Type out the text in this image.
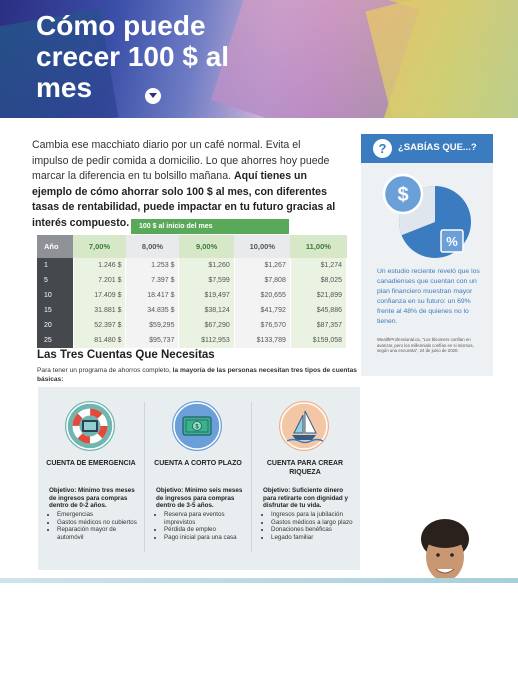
Cómo puede crecer 100 $ al mes

Cambia ese macchiato diario por un café normal. Evita el impulso de pedir comida a domicilio. Lo que ahorres hoy puede marcar la diferencia en tu bolsillo mañana. Aquí tienes un ejemplo de cómo ahorrar solo 100 $ al mes, con diferentes tasas de rentabilidad, puede impactar en tu futuro gracias al interés compuesto.	100 $ al inicio del mes
Año	7,00%	8,00%	9,00%	10,00%	11,00%
1	1.246 $	1.253 $	$1,260	$1,267	$1,274
5	7.201 $	7.397 $	$7,599	$7,808	$8,025
10	17.409 $	18.417 $	$19,497	$20,655	$21,899
15	31.881 $	34.835 $	$38,124	$41,792	$45,886
20	52.397 $	$59,295	$67,290	$76,570	$87,357
25	81.480 $	$95,737	$112,953	$133,789	$159,058
Las Tres Cuentas Que Necesitas

Para tener un programa de ahorros completo, la mayoría de las personas necesitan tres tipos de cuentas básicas:

CUENTA DE EMERGENCIA
Objetivo: Mínimo tres meses de ingresos para compras dentro de 0-2 años.
• Emergencias
• Gastos médicos no cubiertos
• Reparación mayor de automóvil
$
CUENTA A CORTO PLAZO
Objetivo: Mínimo seis meses de ingresos para compras dentro de 3-5 años.
• Reserva para eventos imprevistos
• Pérdida de empleo
• Pago inicial para una casa
CUENTA PARA CREAR RIQUEZA
Objetivo: Suficiente dinero para retirarte con dignidad y disfrutar de tu vida.
• Ingresos para la jubilación
• Gastos médicos a largo plazo
• Donaciones benéficas
• Legado familiar
?	¿SABÍAS QUE...?
$
%
Un estudio reciente reveló que los canadienses que cuentan con un plan financiero muestran mayor confianza en su futuro: un 69% frente al 48% de quienes no lo tienen.
WealthProfessional.ca, "Los bloomers confían en avanzar, pero los millennials confían en si mismos, según una encuesta", 24 de junio de 2020.
